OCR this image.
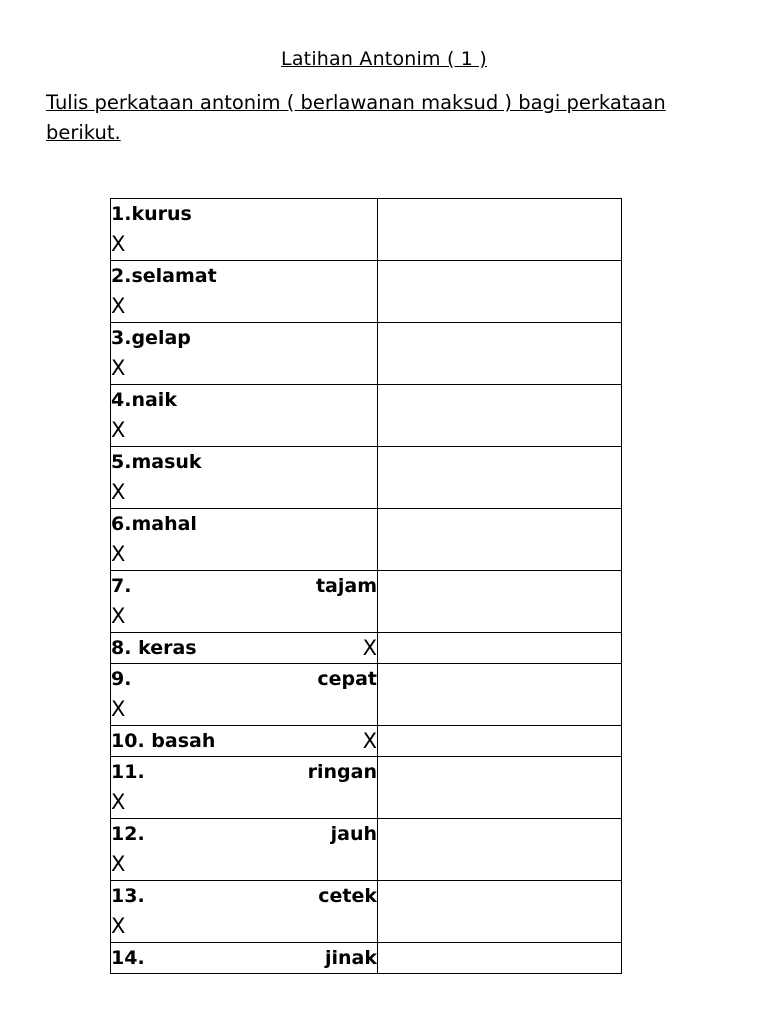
Latihan Antonim ( 1 )
Tulis perkataan antonim ( berlawanan maksud ) bagi perkataan berikut.
1.kurus
X	

2.selamat
X	

3.gelap
X	

4.naik
X	

5.masuk
X	

6.mahal
X	

7. tajam
X	

8. keras X	

9. cepat
X	

10. basah X	

11. ringan
X	

12. jauh
X	

13. cetek
X	

14. jinak	
